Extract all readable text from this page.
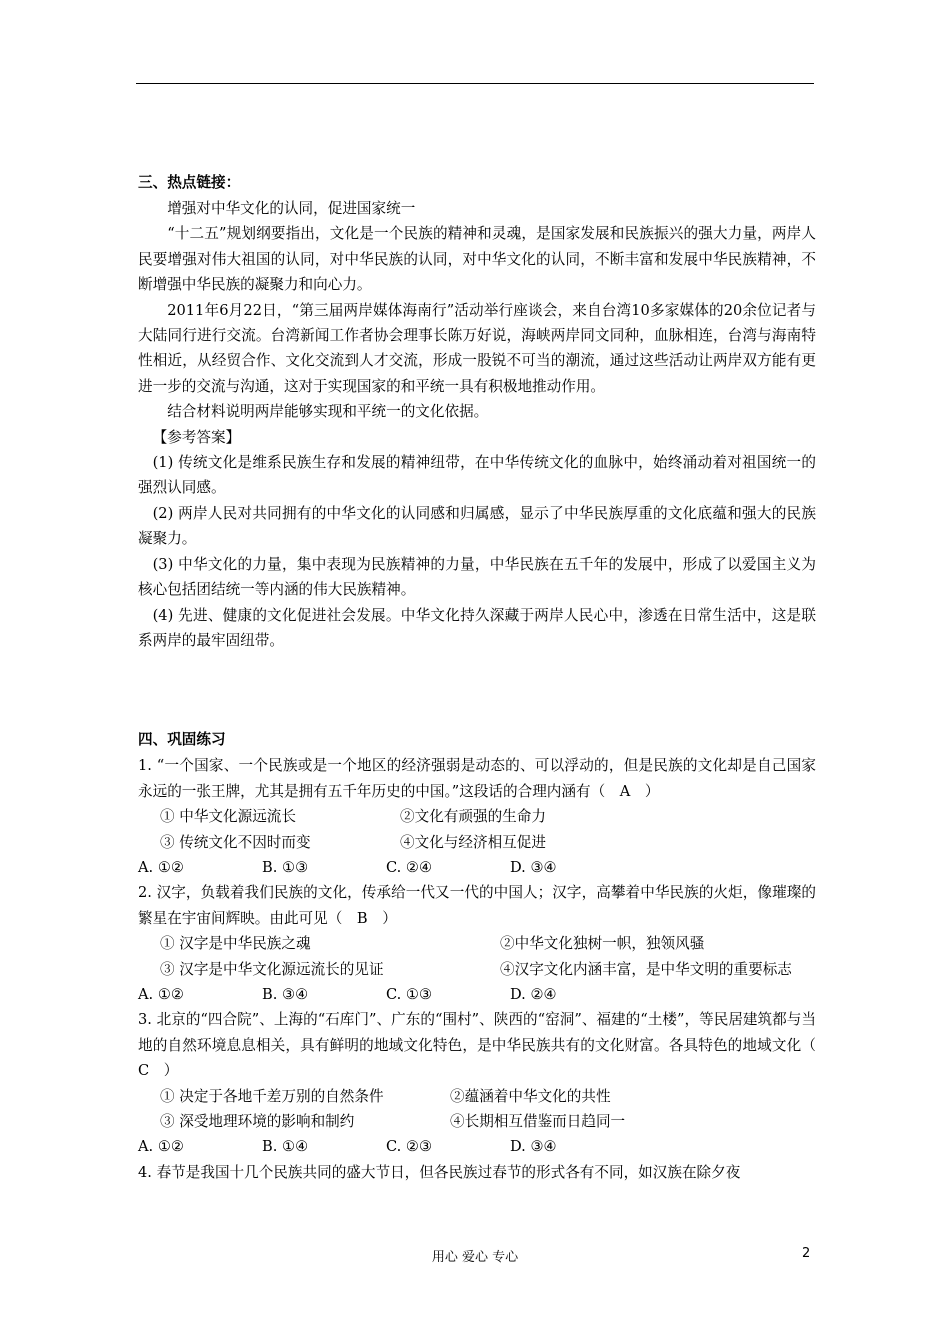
三、热点链接：

增强对中华文化的认同，促进国家统一

“十二五”规划纲要指出，文化是一个民族的精神和灵魂，是国家发展和民族振兴的强大力量，两岸人民要增强对伟大祖国的认同，对中华民族的认同，对中华文化的认同，不断丰富和发展中华民族精神，不断增强中华民族的凝聚力和向心力。

2011年6月22日，“第三届两岸媒体海南行”活动举行座谈会，来自台湾10多家媒体的20余位记者与大陆同行进行交流。台湾新闻工作者协会理事长陈万好说，海峡两岸同文同种，血脉相连，台湾与海南特性相近，从经贸合作、文化交流到人才交流，形成一股锐不可当的潮流，通过这些活动让两岸双方能有更进一步的交流与沟通，这对于实现国家的和平统一具有积极地推动作用。

结合材料说明两岸能够实现和平统一的文化依据。

【参考答案】

(1) 传统文化是维系民族生存和发展的精神纽带，在中华传统文化的血脉中，始终涌动着对祖国统一的强烈认同感。

(2) 两岸人民对共同拥有的中华文化的认同感和归属感，显示了中华民族厚重的文化底蕴和强大的民族凝聚力。

(3) 中华文化的力量，集中表现为民族精神的力量，中华民族在五千年的发展中，形成了以爱国主义为核心包括团结统一等内涵的伟大民族精神。

(4) 先进、健康的文化促进社会发展。中华文化持久深藏于两岸人民心中，渗透在日常生活中，这是联系两岸的最牢固纽带。

四、巩固练习

1. “一个国家、一个民族或是一个地区的经济强弱是动态的、可以浮动的，但是民族的文化却是自己国家永远的一张王牌，尤其是拥有五千年历史的中国。”这段话的合理内涵有（　A　）

① 中华文化源远流长	②文化有顽强的生命力
③ 传统文化不因时而变	④文化与经济相互促进
A. ①②	B. ①③	C. ②④	D. ③④

2. 汉字，负载着我们民族的文化，传承给一代又一代的中国人；汉字，高攀着中华民族的火炬，像璀璨的繁星在宇宙间辉映。由此可见（　B　）

① 汉字是中华民族之魂	②中华文化独树一帜，独领风骚
③ 汉字是中华文化源远流长的见证	④汉字文化内涵丰富，是中华文明的重要标志
A. ①②	B. ③④	C. ①③	D. ②④

3. 北京的“四合院”、上海的“石库门”、广东的“围村”、陕西的“窑洞”、福建的“土楼”，等民居建筑都与当地的自然环境息息相关，具有鲜明的地域文化特色，是中华民族共有的文化财富。各具特色的地域文化（　C　）

① 决定于各地千差万别的自然条件	②蕴涵着中华文化的共性
③ 深受地理环境的影响和制约	④长期相互借鉴而日趋同一
A. ①②	B. ①④	C. ②③	D. ③④

4. 春节是我国十几个民族共同的盛大节日，但各民族过春节的形式各有不同，如汉族在除夕夜

用心 爱心 专心	2
